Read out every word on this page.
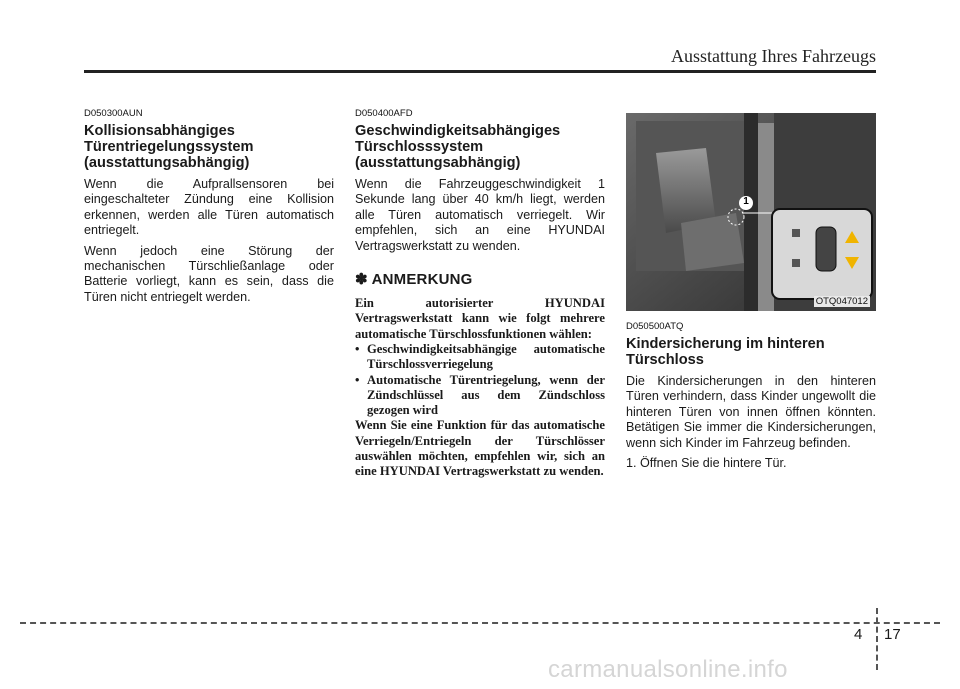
Ausstattung Ihres Fahrzeugs
D050300AUN
Kollisionsabhängiges Türentriegelungssystem (ausstattungsabhängig)

Wenn die Aufprallsensoren bei eingeschalteter Zündung eine Kollision erkennen, werden alle Türen automatisch entriegelt.

Wenn jedoch eine Störung der mechanischen Türschließanlage oder Batterie vorliegt, kann es sein, dass die Türen nicht entriegelt werden.

D050400AFD
Geschwindigkeitsabhängiges Türschlosssystem (ausstattungsabhängig)

Wenn die Fahrzeuggeschwindigkeit 1 Sekunde lang über 40 km/h liegt, werden alle Türen automatisch verriegelt. Wir empfehlen, sich an eine HYUNDAI Vertragswerkstatt zu wenden.

✽ ANMERKUNG

Ein autorisierter HYUNDAI Vertragswerkstatt kann wie folgt mehrere automatische Türschlossfunktionen wählen:

• Geschwindigkeitsabhängige automatische Türschlossverriegelung
• Automatische Türentriegelung, wenn der Zündschlüssel aus dem Zündschloss gezogen wird

Wenn Sie eine Funktion für das automatische Verriegeln/Entriegeln der Türschlösser auswählen möchten, empfehlen wir, sich an eine HYUNDAI Vertragswerkstatt zu wenden.

1
OTQ047012
D050500ATQ
Kindersicherung im hinteren Türschloss

Die Kindersicherungen in den hinteren Türen verhindern, dass Kinder ungewollt die hinteren Türen von innen öffnen könnten. Betätigen Sie immer die Kindersicherungen, wenn sich Kinder im Fahrzeug befinden.

1. Öffnen Sie die hintere Tür.

4 17
carmanualsonline.info
